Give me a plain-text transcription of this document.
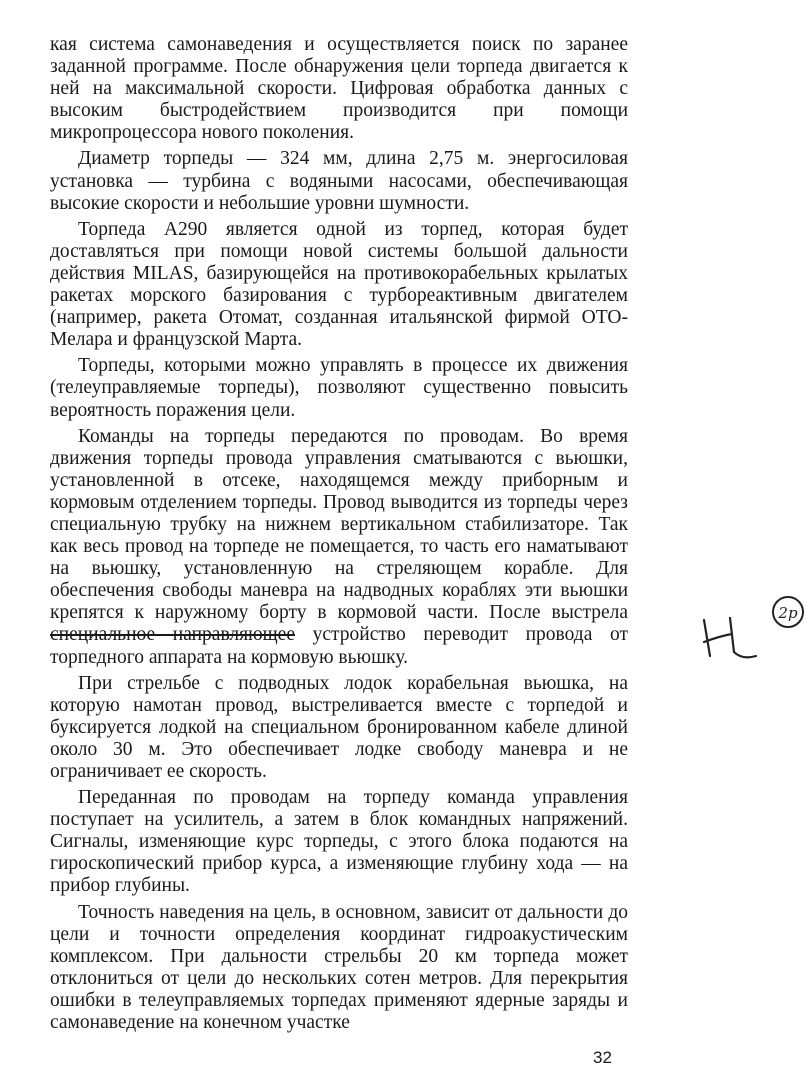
кая система самонаведения и осуществляется поиск по заранее заданной программе. После обнаружения цели торпеда двигается к ней на максимальной скорости. Цифровая обработка данных с высоким быстродействием производится при помощи микропроцессора нового поколения.

Диаметр торпеды — 324 мм, длина 2,75 м. энергосиловая установка — турбина с водяными насосами, обеспечивающая высокие скорости и небольшие уровни шумности.

Торпеда А290 является одной из торпед, которая будет доставляться при помощи новой системы большой дальности действия MILAS, базирующейся на противокорабельных крылатых ракетах морского базирования с турбореактивным двигателем (например, ракета Отомат, созданная итальянской фирмой ОТО-Мелара и французской Марта.

Торпеды, которыми можно управлять в процессе их движения (телеуправляемые торпеды), позволяют существенно повысить вероятность поражения цели.

Команды на торпеды передаются по проводам. Во время движения торпеды провода управления сматываются с вьюшки, установленной в отсеке, находящемся между приборным и кормовым отделением торпеды. Провод выводится из торпеды через специальную трубку на нижнем вертикальном стабилизаторе. Так как весь провод на торпеде не помещается, то часть его наматывают на вьюшку, установленную на стреляющем корабле. Для обеспечения свободы маневра на надводных кораблях эти вьюшки крепятся к наружному борту в кормовой части. После выстрела специальное направляющее устройство переводит провода от торпедного аппарата на кормовую вьюшку.

При стрельбе с подводных лодок корабельная вьюшка, на которую намотан провод, выстреливается вместе с торпедой и буксируется лодкой на специальном бронированном кабеле длиной около 30 м. Это обеспечивает лодке свободу маневра и не ограничивает ее скорость.

Переданная по проводам на торпеду команда управления поступает на усилитель, а затем в блок командных напряжений. Сигналы, изменяющие курс торпеды, с этого блока подаются на гироскопический прибор курса, а изменяющие глубину хода — на прибор глубины.

Точность наведения на цель, в основном, зависит от дальности до цели и точности определения координат гидроакустическим комплексом. При дальности стрельбы 20 км торпеда может отклониться от цели до нескольких сотен метров. Для перекрытия ошибки в телеуправляемых торпедах применяют ядерные заряды и самонаведение на конечном участке

2р
32
